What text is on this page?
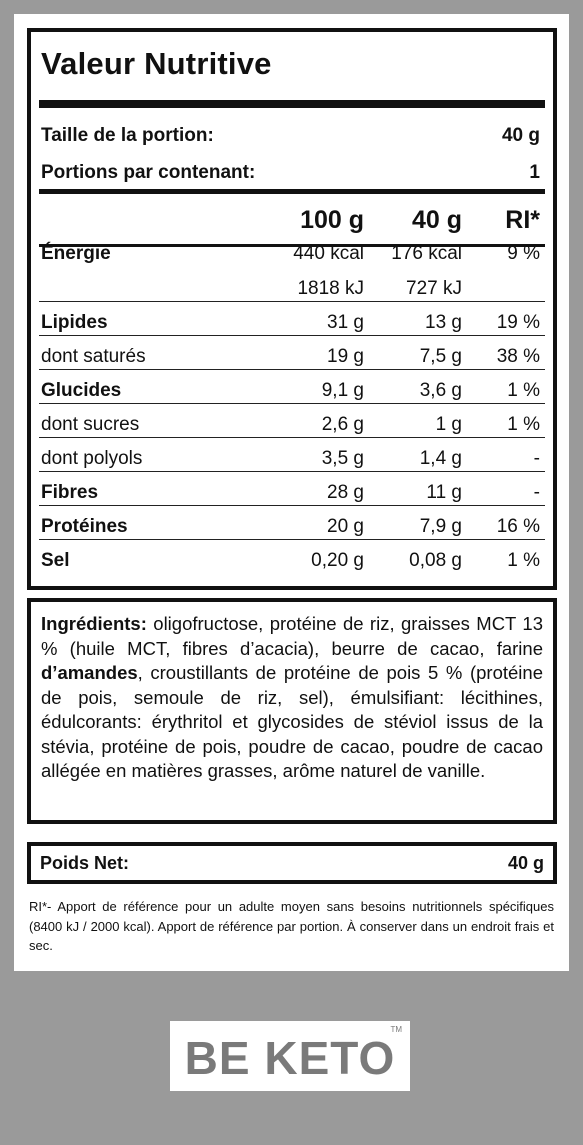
Valeur Nutritive
Taille de la portion:	40 g
Portions par contenant:	1
100 g 40 g RI*
Énergie	440 kcal 176 kcal 9 %
1818 kJ 727 kJ
Lipides	31 g	13 g 19 %
dont saturés	19 g	7,5 g 38 %
Glucides	9,1 g	3,6 g 1 %
dont sucres	2,6 g	1 g 1 %
dont polyols	3,5 g	1,4 g	-
Fibres	28 g	11 g	-
Protéines	20 g	7,9 g 16 %
Sel	0,20 g 0,08 g 1 %
Ingrédients: oligofructose, protéine de riz, graisses MCT 13 % (huile MCT, fibres d’acacia), beurre de cacao, farine d’amandes, croustillants de protéine de pois 5 % (protéine de pois, semoule de riz, sel), émulsifiant: lécithines, édulcorants: érythritol et glycosides de stéviol issus de la stévia, protéine de pois, poudre de cacao, poudre de cacao allégée en matières grasses, arôme naturel de vanille.
Poids Net:	40 g
RI*- Apport de référence pour un adulte moyen sans besoins nutritionnels spécifiques (8400 kJ / 2000 kcal). Apport de référence par portion. À conserver dans un endroit frais et sec.
BE KETO
TM
